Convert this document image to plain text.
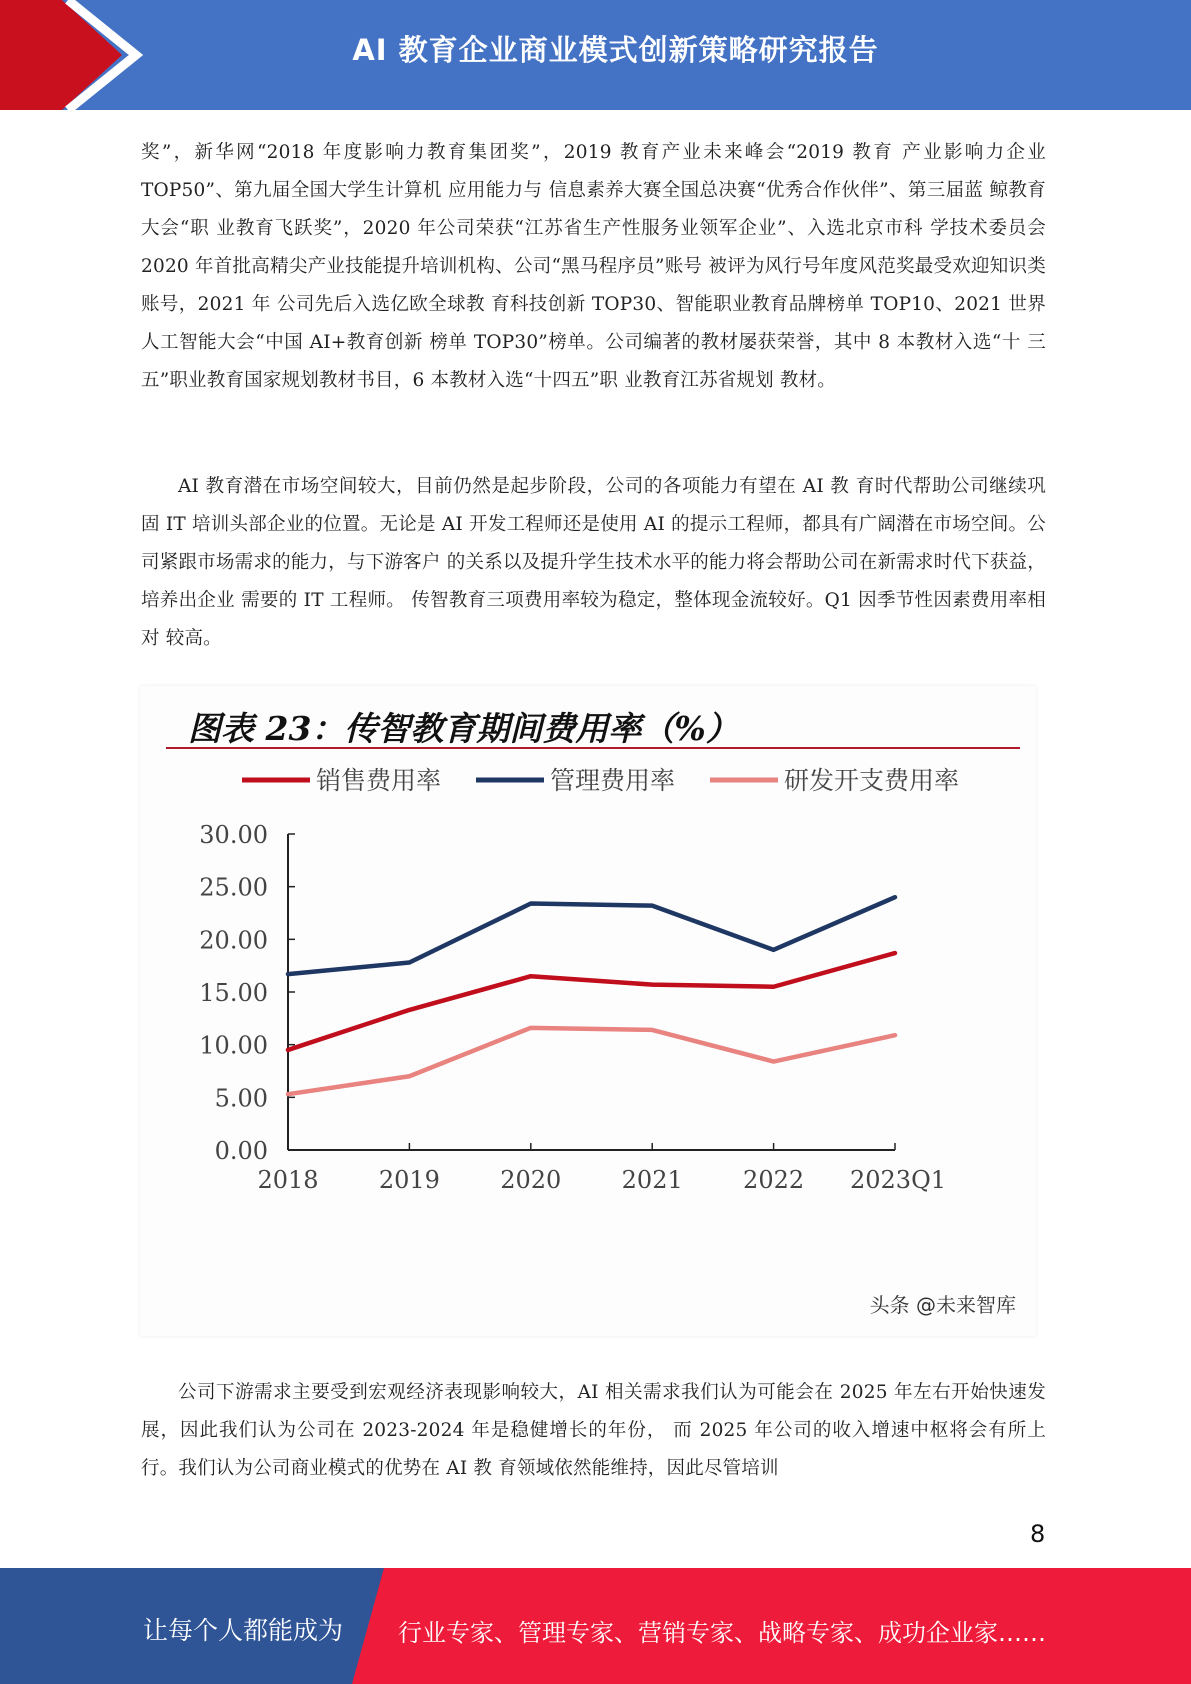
AI 教育企业商业模式创新策略研究报告

奖”，新华网“2018 年度影响力教育集团奖”，2019 教育产业未来峰会“2019 教育 产业影响力企业TOP50”、第九届全国大学生计算机 应用能力与 信息素养大赛全国总决赛“优秀合作伙伴”、第三届蓝 鲸教育大会“职 业教育飞跃奖”，2020 年公司荣获“江苏省生产性服务业领军企业”、入选北京市科 学技术委员会 2020 年首批高精尖产业技能提升培训机构、公司“黑马程序员”账号 被评为风行号年度风范奖最受欢迎知识类账号，2021 年 公司先后入选亿欧全球教 育科技创新 TOP30、智能职业教育品牌榜单 TOP10、2021 世界人工智能大会“中国 AI+教育创新 榜单 TOP30”榜单。公司编著的教材屡获荣誉，其中 8 本教材入选“十 三五”职业教育国家规划教材书目，6 本教材入选“十四五”职 业教育江苏省规划 教材。

AI 教育潜在市场空间较大，目前仍然是起步阶段，公司的各项能力有望在 AI 教 育时代帮助公司继续巩固 IT 培训头部企业的位置。无论是 AI 开发工程师还是使用 AI 的提示工程师，都具有广阔潜在市场空间。公司紧跟市场需求的能力，与下游客户 的关系以及提升学生技术水平的能力将会帮助公司在新需求时代下获益，培养出企业 需要的 IT 工程师。 传智教育三项费用率较为稳定，整体现金流较好。Q1 因季节性因素费用率相对 较高。

图表 23：传智教育期间费用率（%）
销售费用率	管理费用率	研发开支费用率
0.00
5.00
10.00
15.00
20.00
25.00
30.00
2018	2019	2020	2021	2022 2023Q1
头条 @未来智库

公司下游需求主要受到宏观经济表现影响较大，AI 相关需求我们认为可能会在 2025 年左右开始快速发展，因此我们认为公司在 2023-2024 年是稳健增长的年份， 而 2025 年公司的收入增速中枢将会有所上行。我们认为公司商业模式的优势在 AI 教 育领域依然能维持，因此尽管培训

8
让每个人都能成为 行业专家、管理专家、营销专家、战略专家、成功企业家……
